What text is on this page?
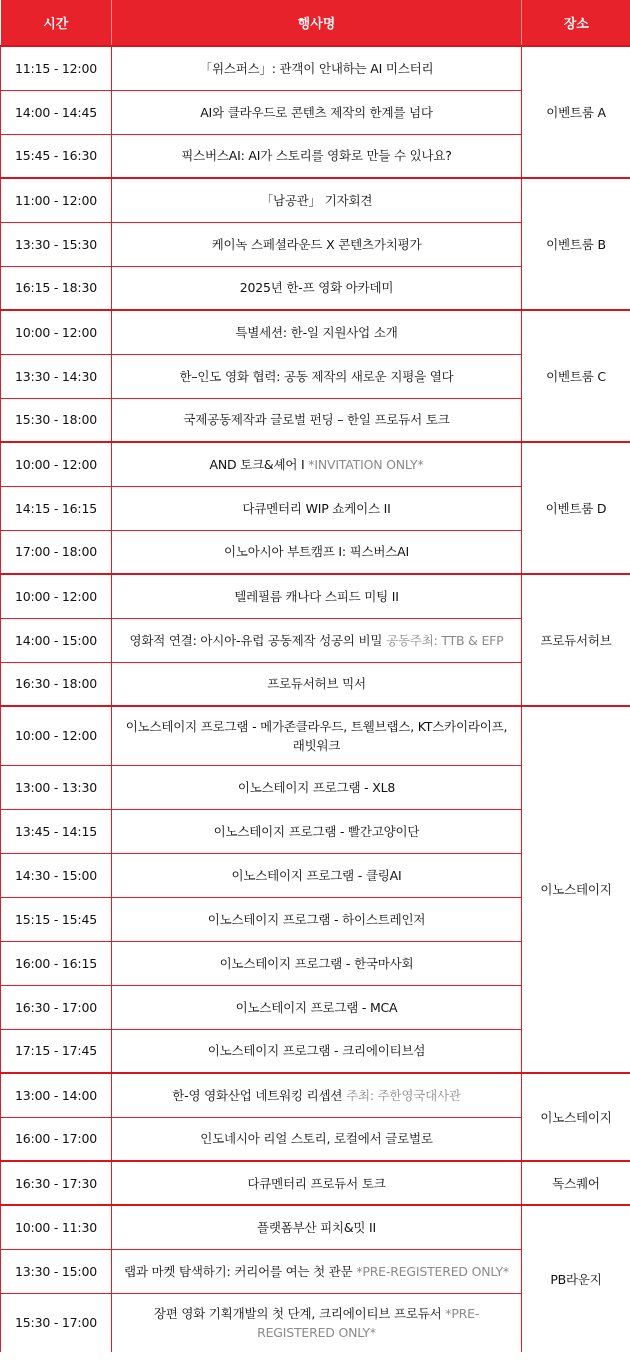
시간	행사명	장소
11:15 - 12:00	「위스퍼스」: 관객이 안내하는 AI 미스터리	이벤트룸 A
14:00 - 14:45	AI와 클라우드로 콘텐츠 제작의 한계를 넘다	
15:45 - 16:30	픽스버스AI: AI가 스토리를 영화로 만들 수 있나요?	
11:00 - 12:00	「남공관」 기자회견	이벤트룸 B
13:30 - 15:30	케이녹 스페셜라운드 X 콘텐츠가치평가	
16:15 - 18:30	2025년 한-프 영화 아카데미	
10:00 - 12:00	특별세션: 한-일 지원사업 소개	이벤트룸 C
13:30 - 14:30	한–인도 영화 협력: 공동 제작의 새로운 지평을 열다	
15:30 - 18:00	국제공동제작과 글로벌 펀딩 – 한일 프로듀서 토크	
10:00 - 12:00	AND 토크&셰어 I *INVITATION ONLY*	이벤트룸 D
14:15 - 16:15	다큐멘터리 WIP 쇼케이스 II	
17:00 - 18:00	이노아시아 부트캠프 I: 픽스버스AI	
10:00 - 12:00	텔레필름 캐나다 스피드 미팅 II	프로듀서허브
14:00 - 15:00	영화적 연결: 아시아-유럽 공동제작 성공의 비밀 공동주최: TTB & EFP	
16:30 - 18:00	프로듀서허브 믹서	
10:00 - 12:00	이노스테이지 프로그램 - 메가존클라우드, 트웰브랩스, KT스카이라이프, 래빗워크	이노스테이지
13:00 - 13:30	이노스테이지 프로그램 - XL8	
13:45 - 14:15	이노스테이지 프로그램 - 빨간고양이단	
14:30 - 15:00	이노스테이지 프로그램 - 클링AI	
15:15 - 15:45	이노스테이지 프로그램 - 하이스트레인저	
16:00 - 16:15	이노스테이지 프로그램 - 한국마사회	
16:30 - 17:00	이노스테이지 프로그램 - MCA	
17:15 - 17:45	이노스테이지 프로그램 - 크리에이티브섬	
13:00 - 14:00	한-영 영화산업 네트워킹 리셉션 주최: 주한영국대사관	이노스테이지
16:00 - 17:00	인도네시아 리얼 스토리, 로컬에서 글로벌로	
16:30 - 17:30	다큐멘터리 프로듀서 토크	독스퀘어
10:00 - 11:30	플랫폼부산 피치&밋 II	PB라운지
13:30 - 15:00	랩과 마켓 탐색하기: 커리어를 여는 첫 관문 *PRE-REGISTERED ONLY*	
15:30 - 17:00	장편 영화 기획개발의 첫 단계, 크리에이티브 프로듀서 *PRE-REGISTERED ONLY*	
